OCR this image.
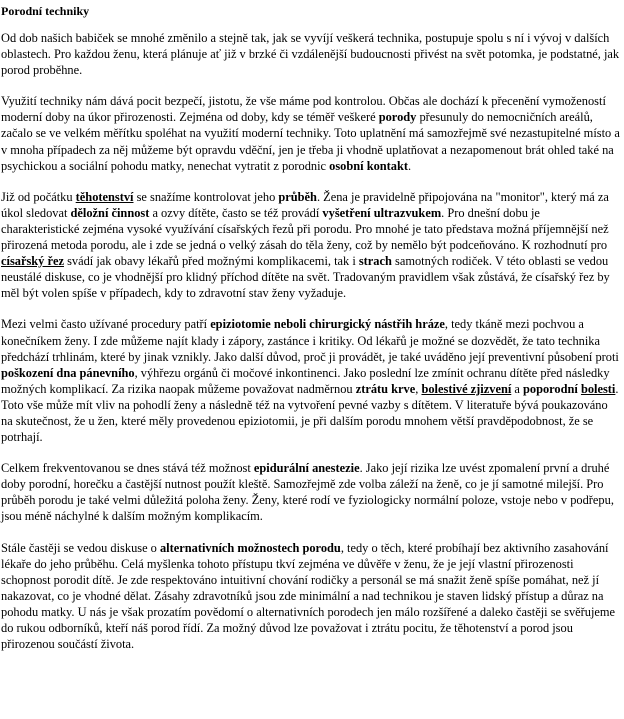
Porodní techniky

Od dob našich babiček se mnohé změnilo a stejně tak, jak se vyvíjí veškerá technika, postupuje spolu s ní i vývoj v dalších oblastech. Pro každou ženu, která plánuje ať již v brzké či vzdálenější budoucnosti přivést na svět potomka, je podstatné, jak porod proběhne.

Využití techniky nám dává pocit bezpečí, jistotu, že vše máme pod kontrolou. Občas ale dochází k přecenění vymožeností moderní doby na úkor přirozenosti. Zejména od doby, kdy se téměř veškeré porody přesunuly do nemocničních areálů, začalo se ve velkém měřítku spoléhat na využití moderní techniky. Toto uplatnění má samozřejmě své nezastupitelné místo a v mnoha případech za něj můžeme být opravdu vděční, jen je třeba ji vhodně uplatňovat a nezapomenout brát ohled také na psychickou a sociální pohodu matky, nenechat vytratit z porodnic osobní kontakt.

Již od počátku těhotenství se snažíme kontrolovat jeho průběh. Žena je pravidelně připojována na "monitor", který má za úkol sledovat děložní činnost a ozvy dítěte, často se též provádí vyšetření ultrazvukem. Pro dnešní dobu je charakteristické zejména vysoké využívání císařských řezů při porodu. Pro mnohé je tato představa možná příjemnější než přirozená metoda porodu, ale i zde se jedná o velký zásah do těla ženy, což by nemělo být podceňováno. K rozhodnutí pro císařský řez svádí jak obavy lékařů před možnými komplikacemi, tak i strach samotných rodiček. V této oblasti se vedou neustálé diskuse, co je vhodnější pro klidný příchod dítěte na svět. Tradovaným pravidlem však zůstává, že císařský řez by měl být volen spíše v případech, kdy to zdravotní stav ženy vyžaduje.

Mezi velmi často užívané procedury patří epiziotomie neboli chirurgický nástřih hráze, tedy tkáně mezi pochvou a konečníkem ženy. I zde můžeme najít klady i zápory, zastánce i kritiky. Od lékařů je možné se dozvědět, že tato technika předchází trhlinám, které by jinak vznikly. Jako další důvod, proč ji provádět, je také uváděno její preventivní působení proti poškození dna pánevního, výhřezu orgánů či močové inkontinenci. Jako poslední lze zmínit ochranu dítěte před následky možných komplikací. Za rizika naopak můžeme považovat nadměrnou ztrátu krve, bolestivé zjizvení a poporodní bolesti. Toto vše může mít vliv na pohodlí ženy a následně též na vytvoření pevné vazby s dítětem. V literatuře bývá poukazováno na skutečnost, že u žen, které měly provedenou epiziotomii, je při dalším porodu mnohem větší pravděpodobnost, že se potrhají.

Celkem frekventovanou se dnes stává též možnost epidurální anestezie. Jako její rizika lze uvést zpomalení první a druhé doby porodní, horečku a častější nutnost použít kleště. Samozřejmě zde volba záleží na ženě, co je jí samotné milejší. Pro průběh porodu je také velmi důležitá poloha ženy. Ženy, které rodí ve fyziologicky normální poloze, vstoje nebo v podřepu, jsou méně náchylné k dalším možným komplikacím.

Stále častěji se vedou diskuse o alternativních možnostech porodu, tedy o těch, které probíhají bez aktivního zasahování lékaře do jeho průběhu. Celá myšlenka tohoto přístupu tkví zejména ve důvěře v ženu, že je její vlastní přirozenosti schopnost porodit dítě. Je zde respektováno intuitivní chování rodičky a personál se má snažit ženě spíše pomáhat, než jí nakazovat, co je vhodné dělat. Zásahy zdravotníků jsou zde minimální a nad technikou je staven lidský přístup a důraz na pohodu matky. U nás je však prozatím povědomí o alternativních porodech jen málo rozšířené a daleko častěji se svěřujeme do rukou odborníků, kteří náš porod řídí. Za možný důvod lze považovat i ztrátu pocitu, že těhotenství a porod jsou přirozenou součástí života.
